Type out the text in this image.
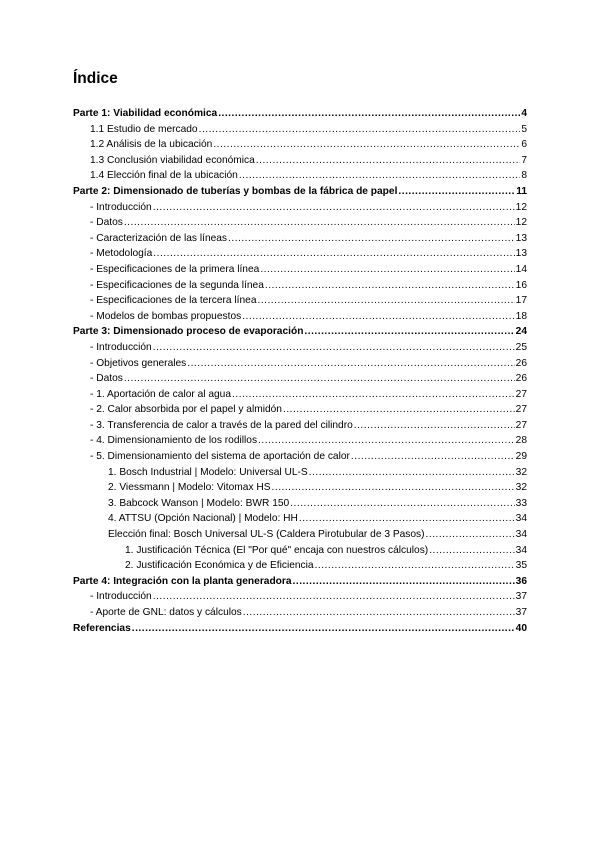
Índice
Parte 1: Viabilidad económica .....	4
1.1 Estudio de mercado .....	5
1.2 Análisis de la ubicación .....	6
1.3 Conclusión viabilidad económica .....	7
1.4 Elección final de la ubicación .....	8
Parte 2: Dimensionado de tuberías y bombas de la fábrica de papel .....	11
- Introducción .....	12
- Datos .....	12
- Caracterización de las líneas .....	13
- Metodología .....	13
- Especificaciones de la primera línea .....	14
- Especificaciones de la segunda línea .....	16
- Especificaciones de la tercera línea .....	17
- Modelos de bombas propuestos .....	18
Parte 3: Dimensionado proceso de evaporación .....	24
- Introducción .....	25
- Objetivos generales .....	26
- Datos .....	26
- 1. Aportación de calor al agua .....	27
- 2. Calor absorbida por el papel y almidón .....	27
- 3. Transferencia de calor a través de la pared del cilindro .....	27
- 4. Dimensionamiento de los rodillos .....	28
- 5. Dimensionamiento del sistema de aportación de calor .....	29
1. Bosch Industrial | Modelo: Universal UL-S .....	32
2. Viessmann | Modelo: Vitomax HS .....	32
3. Babcock Wanson | Modelo: BWR 150 .....	33
4. ATTSU (Opción Nacional) | Modelo: HH .....	34
Elección final: Bosch Universal UL-S (Caldera Pirotubular de 3 Pasos) .....	34
1. Justificación Técnica (El "Por qué" encaja con nuestros cálculos) .....	34
2. Justificación Económica y de Eficiencia .....	35
Parte 4: Integración con la planta generadora .....	36
- Introducción .....	37
- Aporte de GNL: datos y cálculos .....	37
Referencias .....	40
